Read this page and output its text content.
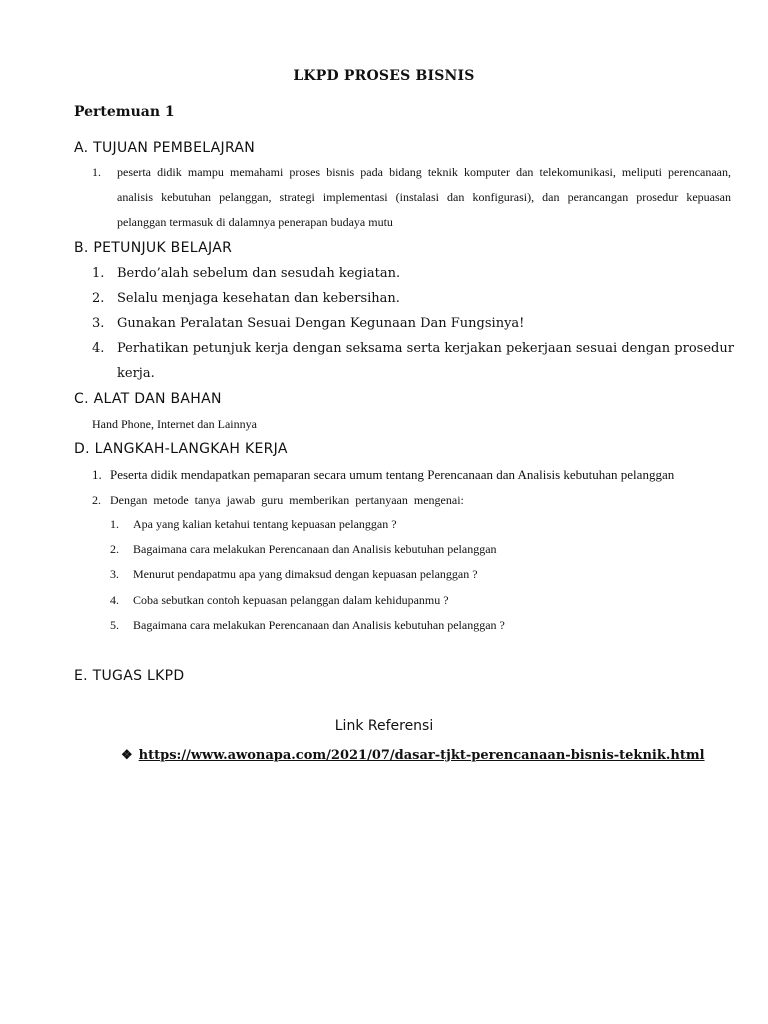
LKPD PROSES BISNIS
Pertemuan 1
A. TUJUAN PEMBELAJRAN
1. peserta didik mampu memahami proses bisnis pada bidang teknik komputer dan telekomunikasi, meliputi perencanaan,
analisis kebutuhan pelanggan, strategi implementasi (instalasi dan konfigurasi), dan perancangan prosedur kepuasan
pelanggan termasuk di dalamnya penerapan budaya mutu
B. PETUNJUK BELAJAR
1. Berdo’alah sebelum dan sesudah kegiatan.
2. Selalu menjaga kesehatan dan kebersihan.
3. Gunakan Peralatan Sesuai Dengan Kegunaan Dan Fungsinya!
4. Perhatikan petunjuk kerja dengan seksama serta kerjakan pekerjaan sesuai dengan prosedur
kerja.
C. ALAT DAN BAHAN
Hand Phone, Internet dan Lainnya
D. LANGKAH-LANGKAH KERJA
1. Peserta didik mendapatkan pemaparan secara umum tentang Perencanaan dan Analisis kebutuhan pelanggan
2. Dengan metode tanya jawab guru memberikan pertanyaan mengenai:
1. Apa yang kalian ketahui tentang kepuasan pelanggan ?
2. Bagaimana cara melakukan Perencanaan dan Analisis kebutuhan pelanggan
3. Menurut pendapatmu apa yang dimaksud dengan kepuasan pelanggan ?
4. Coba sebutkan contoh kepuasan pelanggan dalam kehidupanmu ?
5. Bagaimana cara melakukan Perencanaan dan Analisis kebutuhan pelanggan ?
E. TUGAS LKPD
Link Referensi
❖ https://www.awonapa.com/2021/07/dasar-tjkt-perencanaan-bisnis-teknik.html
